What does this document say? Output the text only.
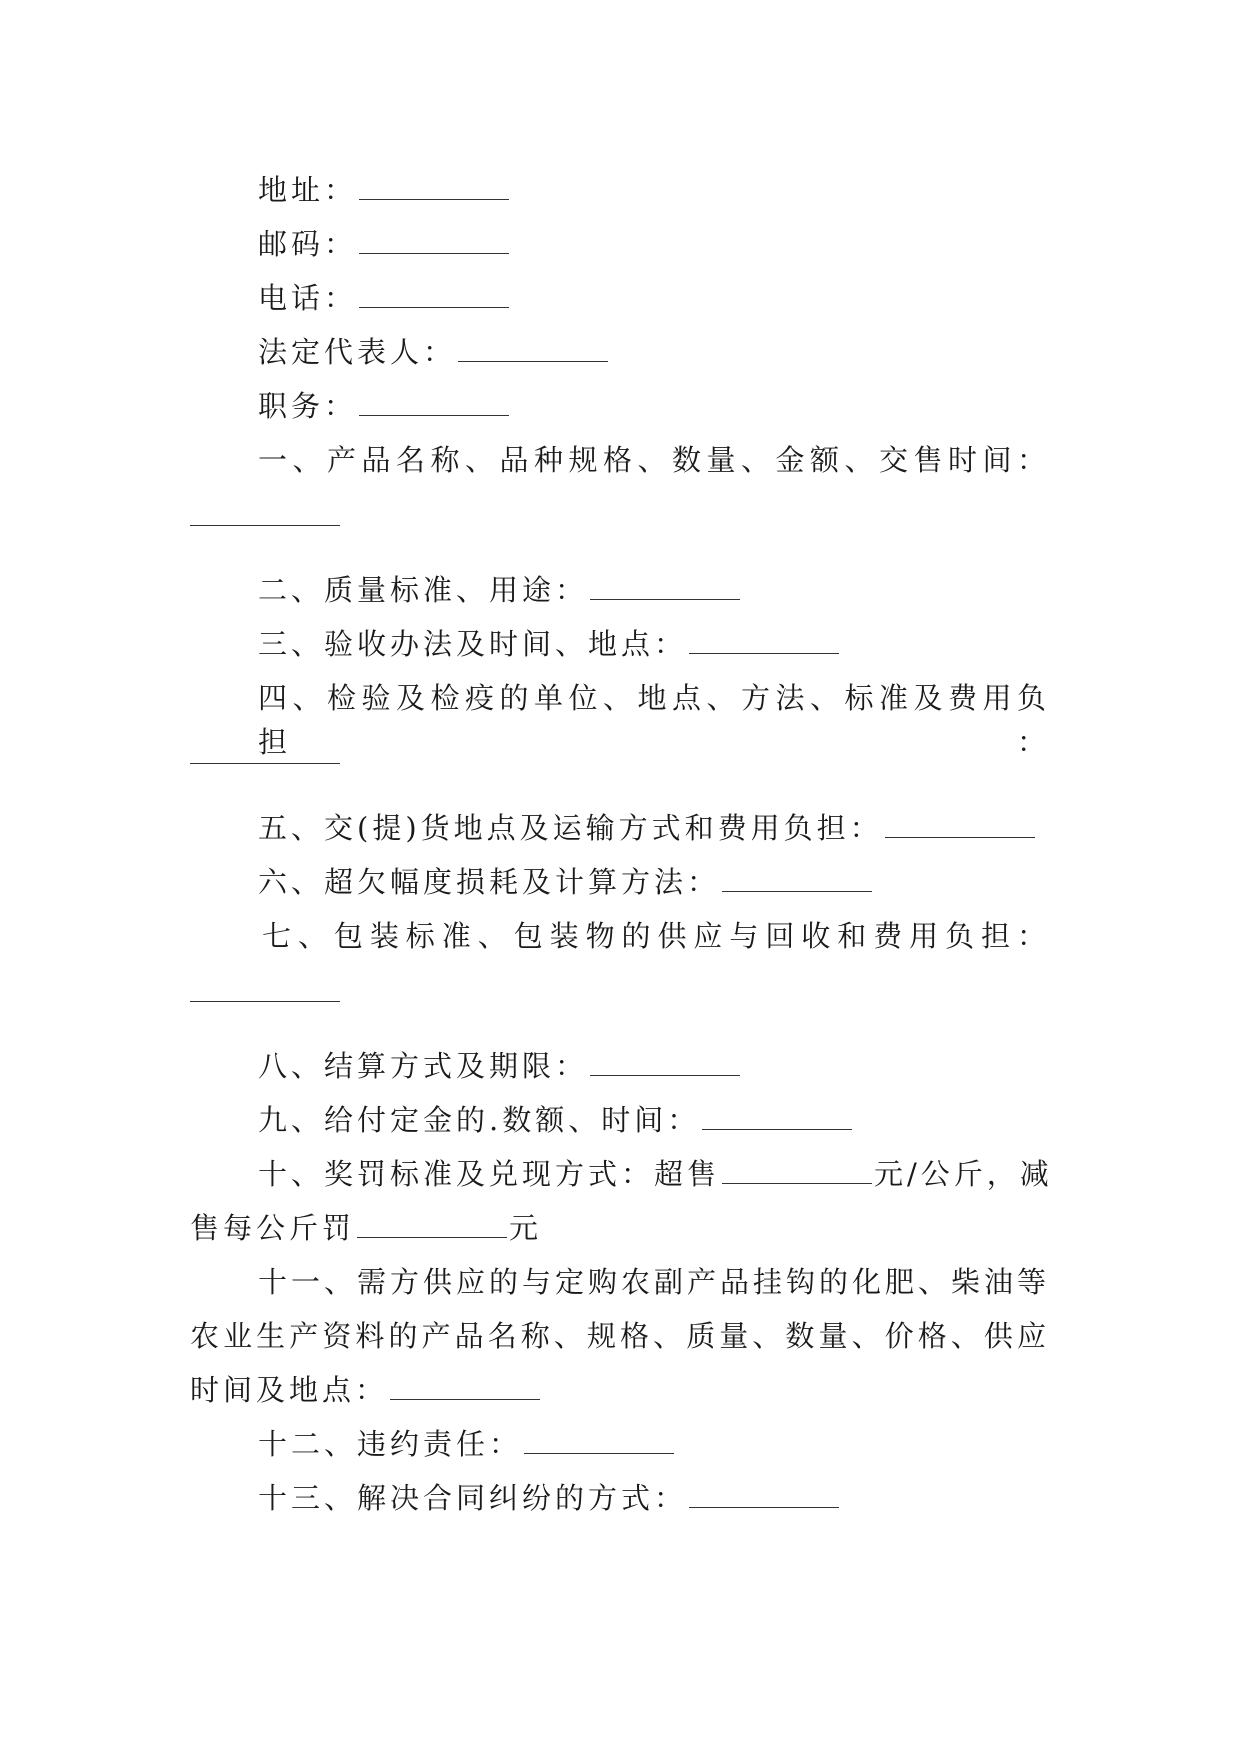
地址：
邮码：
电话：
法定代表人：
职务：
一、产品名称、品种规格、数量、金额、交售时间：
二、质量标准、用途：
三、验收办法及时间、地点：
四、检验及检疫的单位、地点、方法、标准及费用负担：
五、交(提)货地点及运输方式和费用负担：
六、超欠幅度损耗及计算方法：
七、包装标准、包装物的供应与回收和费用负担：
八、结算方式及期限：
九、给付定金的.数额、时间：
十、奖罚标准及兑现方式：超售	元/公斤，减
售每公斤罚	元
十一、需方供应的与定购农副产品挂钩的化肥、柴油等
农业生产资料的产品名称、规格、质量、数量、价格、供应
时间及地点：
十二、违约责任：
十三、解决合同纠纷的方式：
